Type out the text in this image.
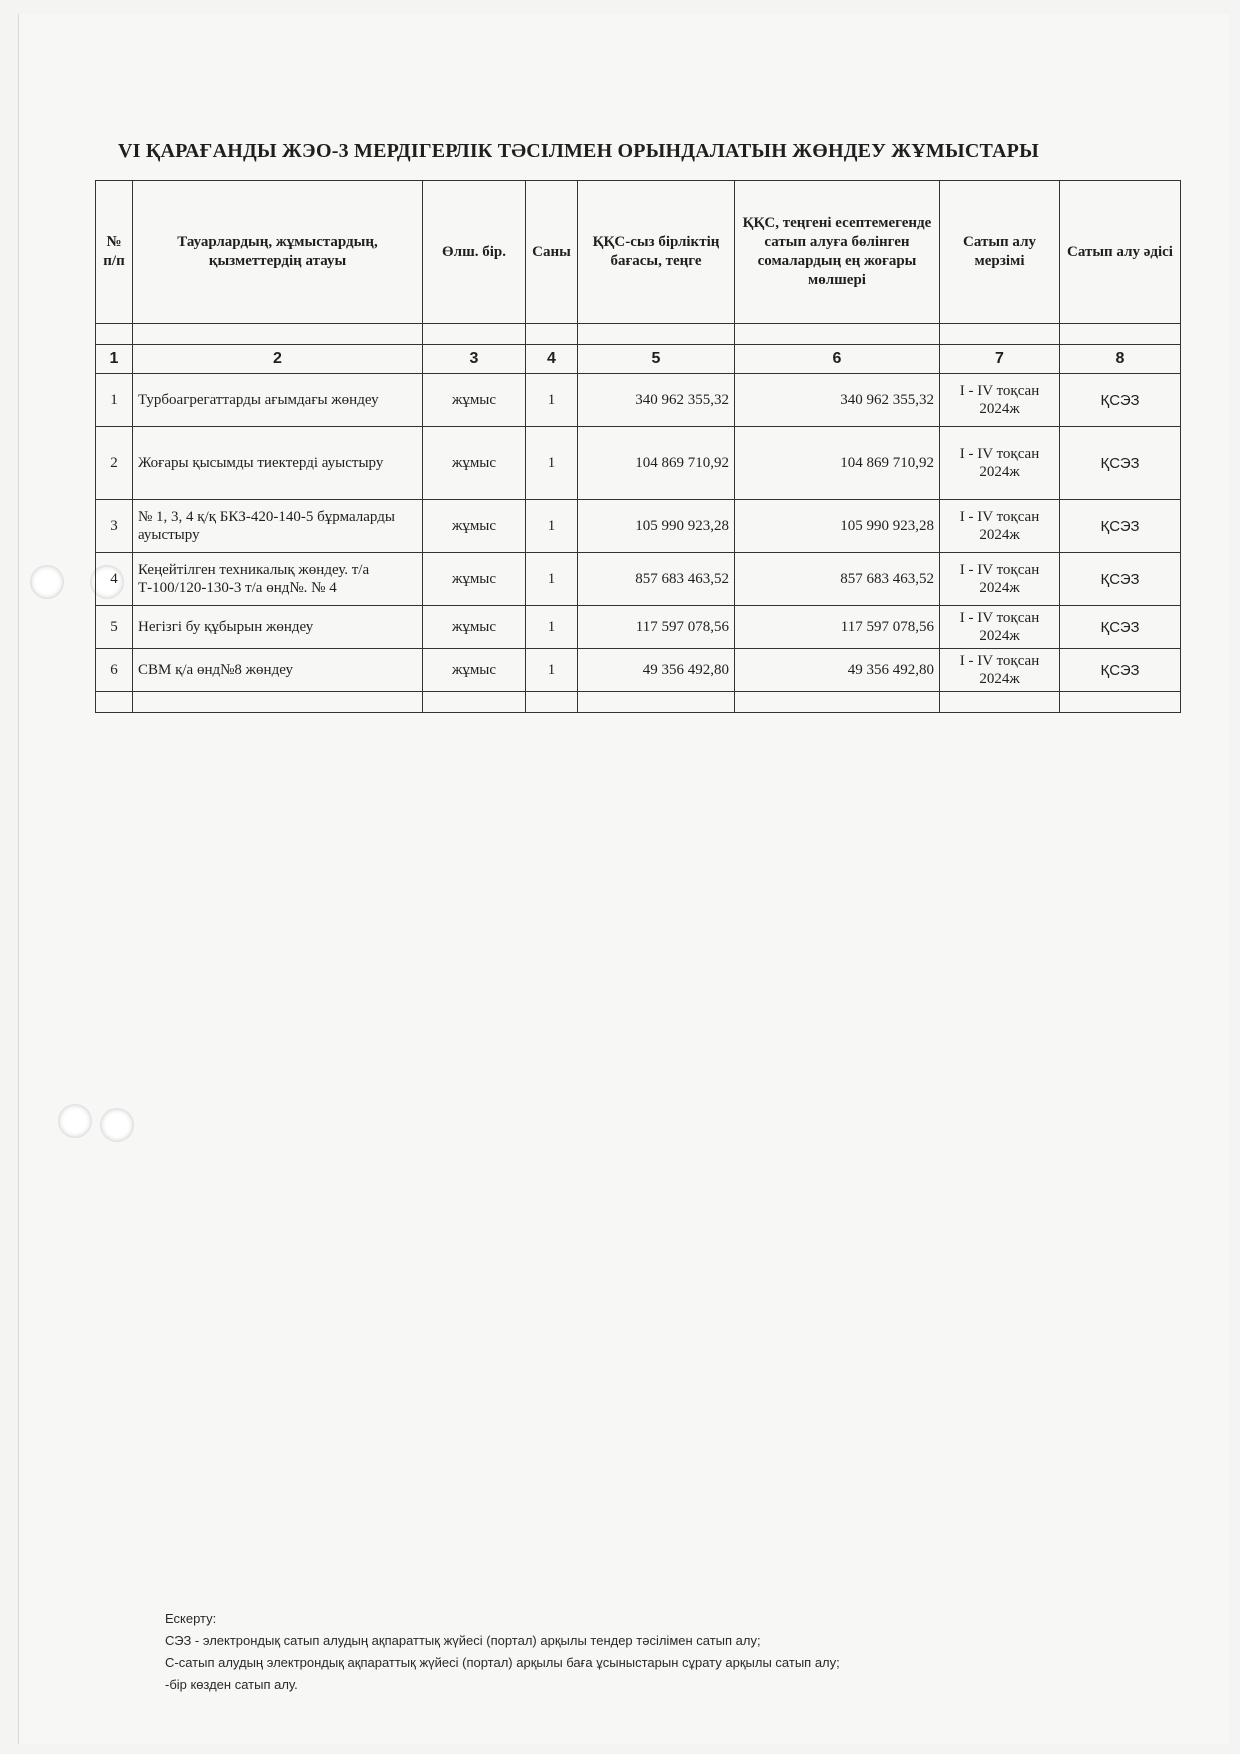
VI ҚАРАҒАНДЫ ЖЭО-3 МЕРДІГЕРЛІК ТӘСІЛМЕН ОРЫНДАЛАТЫН ЖӨНДЕУ ЖҰМЫСТАРЫ
№ п/п	Тауарлардың, жұмыстардың, қызметтердің атауы	Өлш. бір.	Саны	ҚҚС-сыз бірліктің бағасы, теңге	ҚҚС, теңгені есептемегенде сатып алуға бөлінген сомалардың ең жоғары мөлшері	Сатып алу мерзімі	Сатып алу әдісі

1	2	3	4	5	6	7	8
1	Турбоагрегаттарды ағымдағы жөндеу	жұмыс	1	340 962 355,32	340 962 355,32	I - IV тоқсан 2024ж	ҚСЭЗ
2	Жоғары қысымды тиектерді ауыстыру	жұмыс	1	104 869 710,92	104 869 710,92	I - IV тоқсан 2024ж	ҚСЭЗ
3	№ 1, 3, 4 қ/қ БКЗ-420-140-5 бұрмаларды ауыстыру	жұмыс	1	105 990 923,28	105 990 923,28	I - IV тоқсан 2024ж	ҚСЭЗ
4	Кеңейтілген техникалық жөндеу. т/а Т-100/120-130-3 т/а өнд№. № 4	жұмыс	1	857 683 463,52	857 683 463,52	I - IV тоқсан 2024ж	ҚСЭЗ
5	Негізгі бу құбырын жөндеу	жұмыс	1	117 597 078,56	117 597 078,56	I - IV тоқсан 2024ж	ҚСЭЗ
6	СВМ қ/а өнд№8 жөндеу	жұмыс	1	49 356 492,80	49 356 492,80	I - IV тоқсан 2024ж	ҚСЭЗ

Ескерту:
СЭЗ - электрондық сатып алудың ақпараттық жүйесі (портал) арқылы тендер тәсілімен сатып алу;
С-сатып алудың электрондық ақпараттық жүйесі (портал) арқылы баға ұсыныстарын сұрату арқылы сатып алу;
-бір көзден сатып алу.
